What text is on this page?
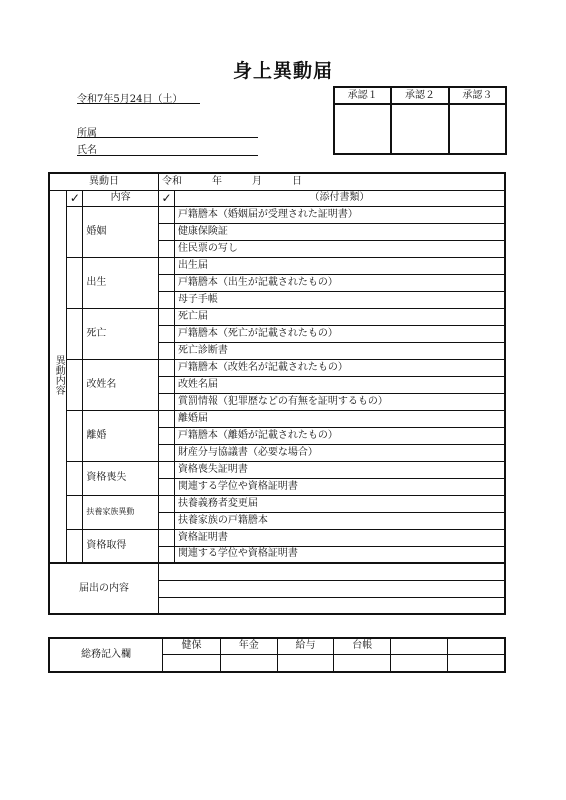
身上異動届
令和7年5月24日（土）
所属
氏名
承認１	承認２	承認３

異動日			令和　　　年　　　月　　　日	
異動内容	✓	内容	✓	（添付書類）
		婚姻		戸籍謄本（婚姻届が受理された証明書）
				健康保険証
				住民票の写し
		出生		出生届
				戸籍謄本（出生が記載されたもの）
				母子手帳
		死亡		死亡届
				戸籍謄本（死亡が記載されたもの）
				死亡診断書
		改姓名		戸籍謄本（改姓名が記載されたもの）
				改姓名届
				賞罰情報（犯罪歴などの有無を証明するもの）
		離婚		離婚届
				戸籍謄本（離婚が記載されたもの）
				財産分与協議書（必要な場合）
		資格喪失		資格喪失証明書
				関連する学位や資格証明書
		扶養家族異動		扶養義務者変更届
				扶養家族の戸籍謄本
		資格取得		資格証明書
				関連する学位や資格証明書
届出の内容				

総務記入欄	健保	年金	給与	台帳		
